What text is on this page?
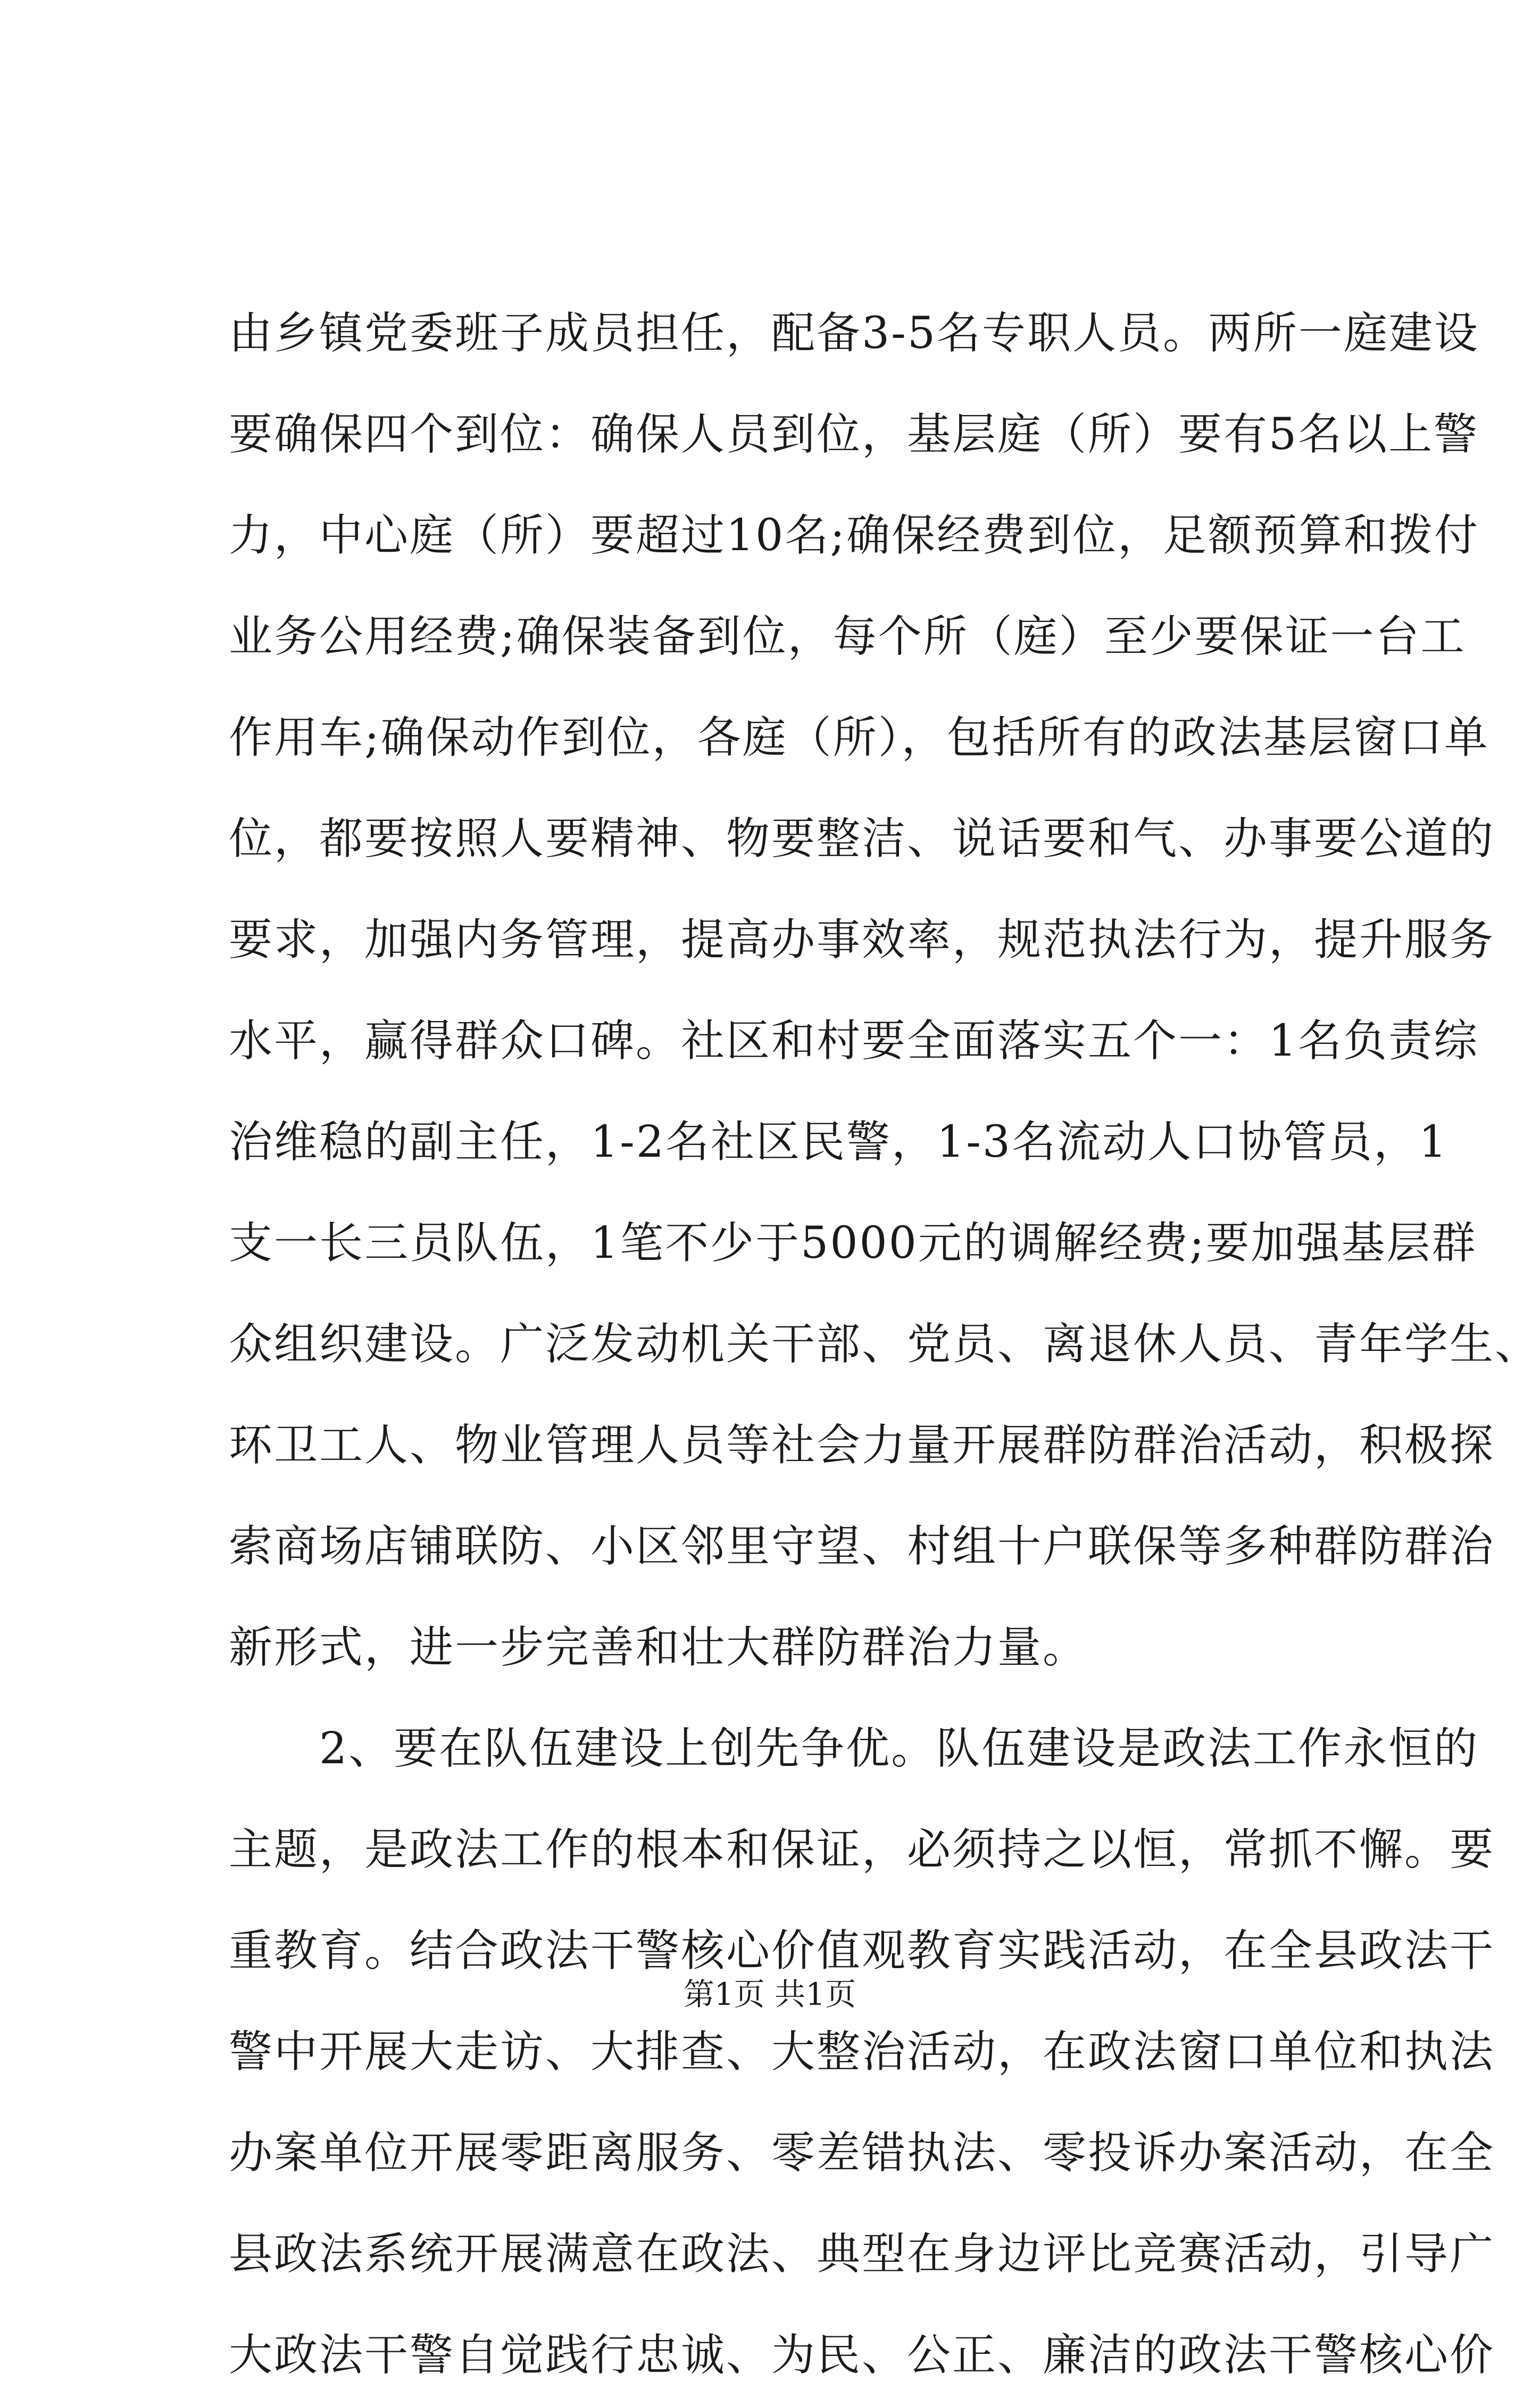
由乡镇党委班子成员担任，配备3-5名专职人员。两所一庭建设
要确保四个到位：确保人员到位，基层庭（所）要有5名以上警
力，中心庭（所）要超过10名;确保经费到位，足额预算和拨付
业务公用经费;确保装备到位，每个所（庭）至少要保证一台工
作用车;确保动作到位，各庭（所），包括所有的政法基层窗口单
位，都要按照人要精神、物要整洁、说话要和气、办事要公道的
要求，加强内务管理，提高办事效率，规范执法行为，提升服务
水平，赢得群众口碑。社区和村要全面落实五个一：1名负责综
治维稳的副主任，1-2名社区民警，1-3名流动人口协管员，1
支一长三员队伍，1笔不少于5000元的调解经费;要加强基层群
众组织建设。广泛发动机关干部、党员、离退休人员、青年学生、
环卫工人、物业管理人员等社会力量开展群防群治活动，积极探
索商场店铺联防、小区邻里守望、村组十户联保等多种群防群治
新形式，进一步完善和壮大群防群治力量。
　　2、要在队伍建设上创先争优。队伍建设是政法工作永恒的
主题，是政法工作的根本和保证，必须持之以恒，常抓不懈。要
重教育。结合政法干警核心价值观教育实践活动，在全县政法干
警中开展大走访、大排查、大整治活动，在政法窗口单位和执法
办案单位开展零距离服务、零差错执法、零投诉办案活动，在全
县政法系统开展满意在政法、典型在身边评比竞赛活动，引导广
大政法干警自觉践行忠诚、为民、公正、廉洁的政法干警核心价
第1页 共1页
